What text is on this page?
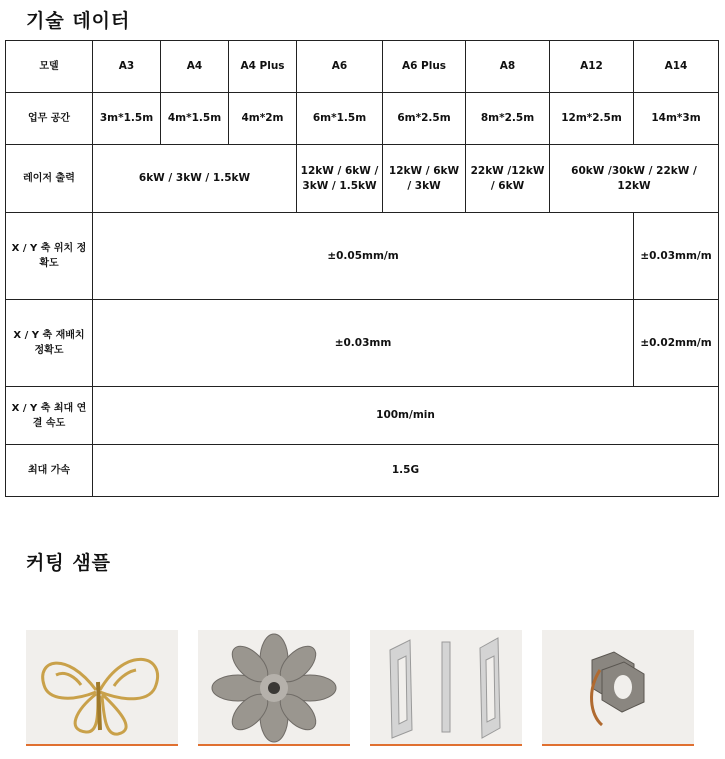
기술 데이터
모델	A3	A4	A4 Plus	A6	A6 Plus	A8	A12	A14
업무 공간	3m*1.5m	4m*1.5m	4m*2m	6m*1.5m	6m*2.5m	8m*2.5m	12m*2.5m	14m*3m
레이저 출력	6kW / 3kW / 1.5kW			12kW / 6kW / 3kW / 1.5kW	12kW / 6kW / 3kW	22kW /12kW / 6kW	60kW /30kW / 22kW / 12kW	
X / Y 축 위치 정확도	±0.05mm/m							±0.03mm/m
X / Y 축 재배치 정확도	±0.03mm							±0.02mm/m
X / Y 축 최대 연결 속도	100m/min							
최대 가속	1.5G							
커팅 샘플
